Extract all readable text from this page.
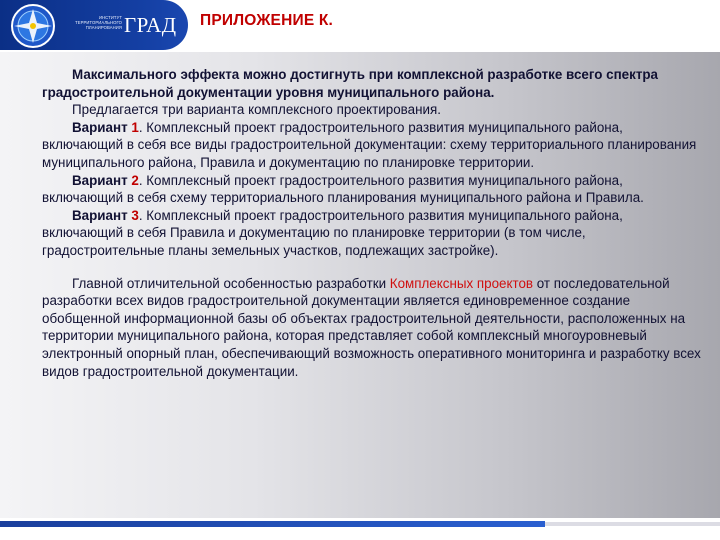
ИНСТИТУТ
ТЕРРИТОРИАЛЬНОГО
ПЛАНИРОВАНИЯ ГРАД ПРИЛОЖЕНИЕ К.

Максимального эффекта можно достигнуть при комплексной разработке всего спектра градостроительной документации уровня муниципального района.

Предлагается три варианта комплексного проектирования.

Вариант 1. Комплексный проект градостроительного развития муниципального района, включающий в себя все виды градостроительной документации: схему территориального планирования муниципального района, Правила и документацию по планировке территории.

Вариант 2. Комплексный проект градостроительного развития муниципального района, включающий в себя схему территориального планирования муниципального района и Правила.

Вариант 3. Комплексный проект градостроительного развития муниципального района, включающий в себя Правила и документацию по планировке территории (в том числе, градостроительные планы земельных участков, подлежащих застройке).

Главной отличительной особенностью разработки Комплексных проектов от последовательной разработки всех видов градостроительной документации является единовременное создание обобщенной информационной базы об объектах градостроительной деятельности, расположенных на территории муниципального района, которая представляет собой комплексный многоуровневый электронный опорный план, обеспечивающий возможность оперативного мониторинга и разработку всех видов градостроительной документации.
